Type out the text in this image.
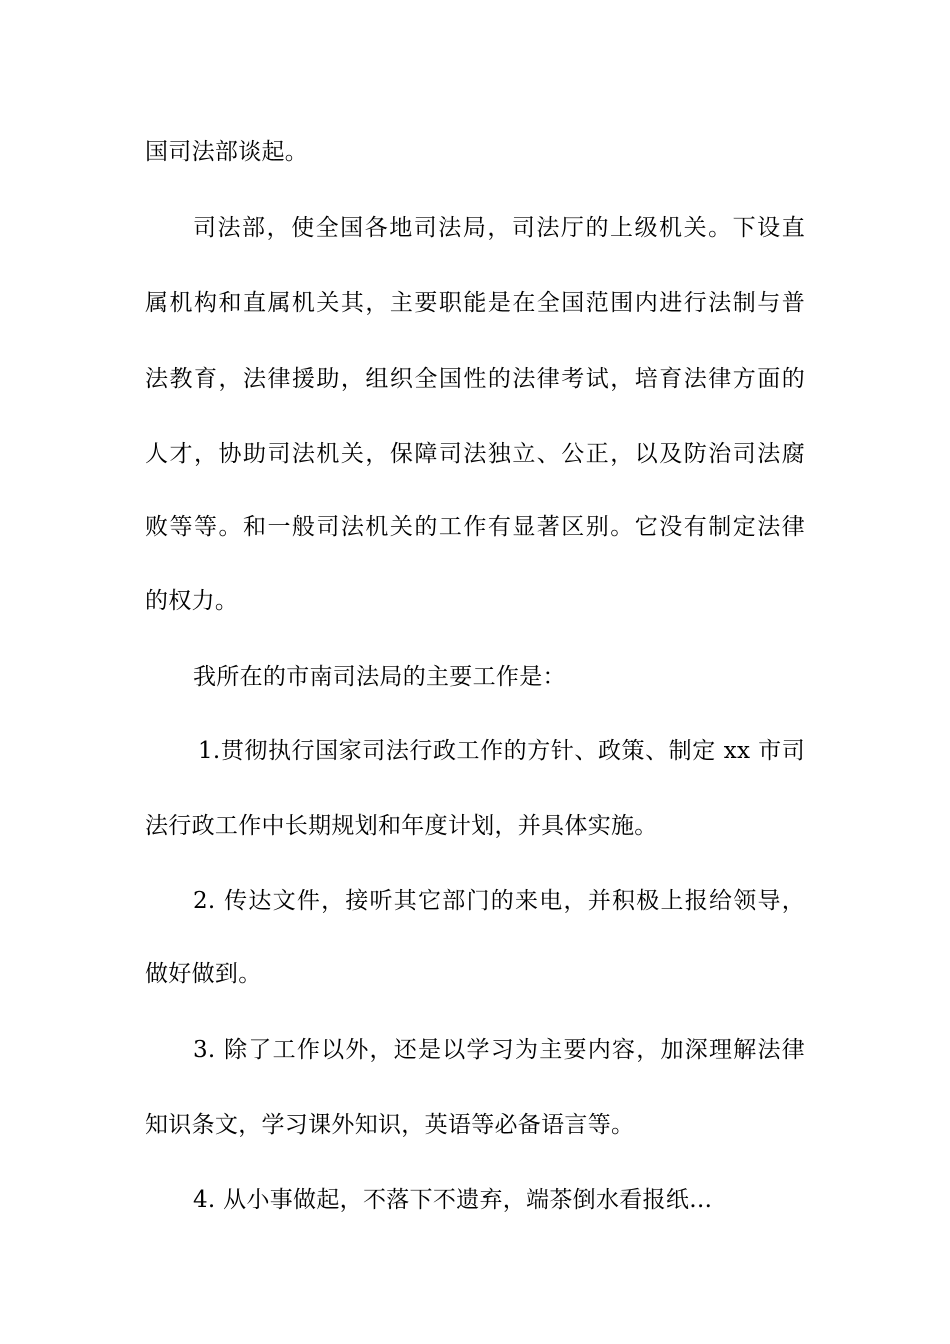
国司法部谈起。
司法部，使全国各地司法局，司法厅的上级机关。下设直
属机构和直属机关其，主要职能是在全国范围内进行法制与普
法教育，法律援助，组织全国性的法律考试，培育法律方面的
人才，协助司法机关，保障司法独立、公正，以及防治司法腐
败等等。和一般司法机关的工作有显著区别。它没有制定法律
的权力。
我所在的市南司法局的主要工作是：
1.贯彻执行国家司法行政工作的方针、政策、制定 xx 市司
法行政工作中长期规划和年度计划，并具体实施。
2. 传达文件，接听其它部门的来电，并积极上报给领导，
做好做到。
3. 除了工作以外，还是以学习为主要内容，加深理解法律
知识条文，学习课外知识，英语等必备语言等。
4. 从小事做起，不落下不遗弃，端茶倒水看报纸…
